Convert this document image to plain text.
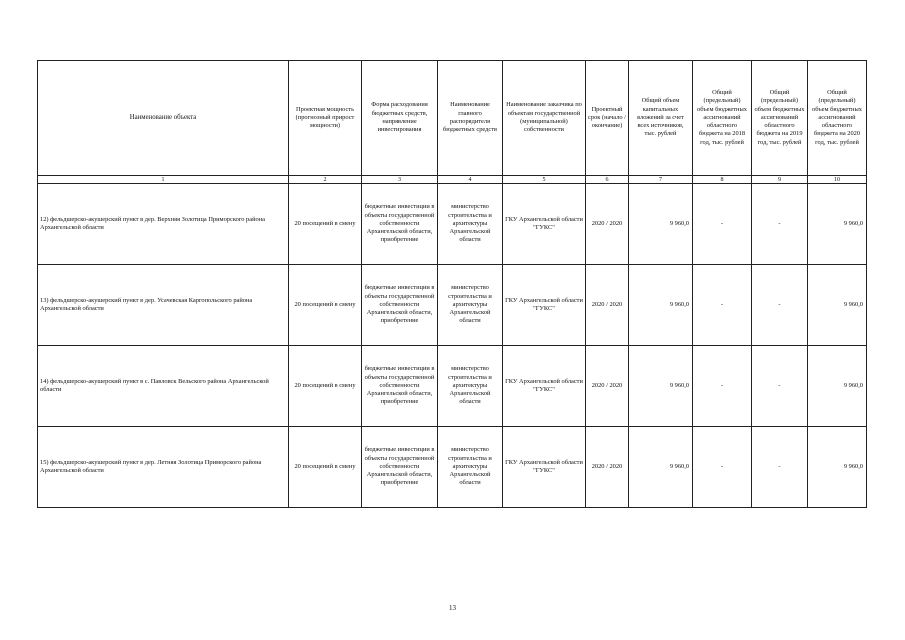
Наименование объекта	Проектная мощность (прогнозный прирост мощности)	Форма расходования бюджетных средств, напрявление инвестирования	Наименование главного распорядителя бюджетных средств	Наименование заказчика по объектам государственной (муниципальной) собственности	Проектный срок (начало / окончание)	Общий объем капитальных вложений за счет всех источников, тыс. рублей	Общий (предельный) объем бюджетных ассигнований областного бюджета на 2018 год, тыс. рублей	Общий (предельный) объем бюджетных ассигнований областного бюджета на 2019 год, тыс. рублей	Общий (предельный) объем бюджетных ассигнований областного бюджета на 2020 год, тыс. рублей
1	2	3	4	5	6	7	8	9	10
12) фельдшерско-акушерский пункт в дер. Верхняя Золотица Приморского района Архангельской области	20 посещений в смену	бюджетные инвестиции в объекты государственной собственности Архангельской области, приобретение	министерство строительства и архитектуры Архангельской области	ГКУ Архангельской области "ГУКС"	2020 / 2020	9 960,0	-	-	9 960,0
13) фельдшерско-акушерский пункт в дер. Усачевская Каргопольского района Архангельской области	20 посещений в смену	бюджетные инвестиции в объекты государственной собственности Архангельской области, приобретение	министерство строительства и архитектуры Архангельской области	ГКУ Архангельской области "ГУКС"	2020 / 2020	9 960,0	-	-	9 960,0
14) фельдшерско-акушерский пункт в с. Павловск Вельского района Архангельской области	20 посещений в смену	бюджетные инвестиции в объекты государственной собственности Архангельской области, приобретение	министерство строительства и архитектуры Архангельской области	ГКУ Архангельской области "ГУКС"	2020 / 2020	9 960,0	-	-	9 960,0
15) фельдшерско-акушерский пункт в дер. Летняя Золотица Приморского района Архангельской области	20 посещений в смену	бюджетные инвестиции в объекты государственной собственности Архангельской области, приобретение	министерство строительства и архитектуры Архангельской области	ГКУ Архангельской области "ГУКС"	2020 / 2020	9 960,0	-	-	9 960,0
13
